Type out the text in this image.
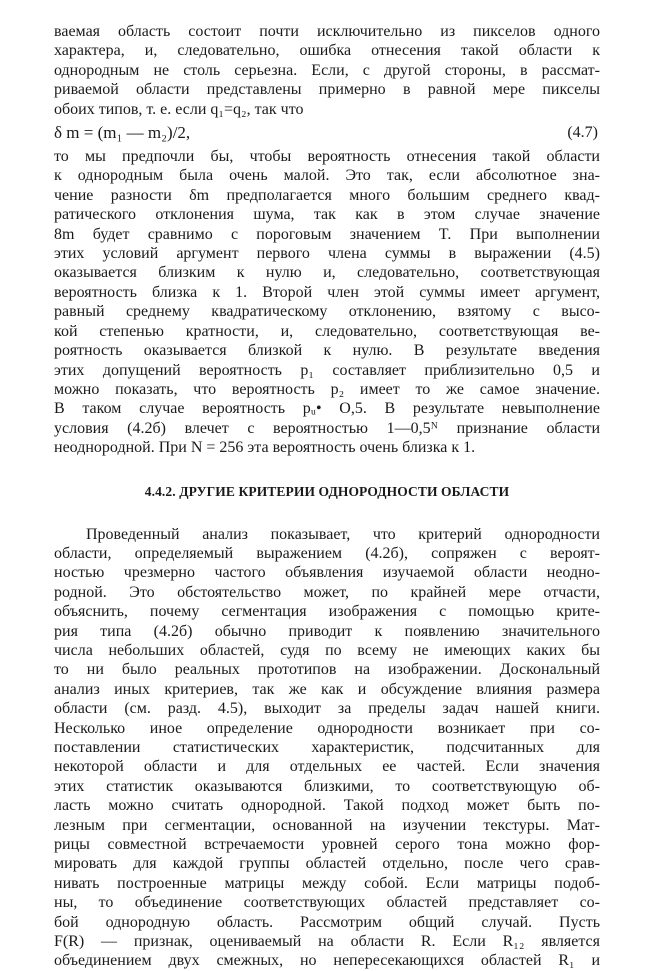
ваемая область состоит почти исключительно из пикселов одного
характера, и, следовательно, ошибка отнесения такой области к
однородным не столь серьезна. Если, с другой стороны, в рассмат-
риваемой области представлены примерно в равной мере пикселы
обоих типов, т. е. если q₁=q₂, так что
δ m = (m₁ — m₂)/2,	(4.7)
то мы предпочли бы, чтобы вероятность отнесения такой области
к однородным была очень малой. Это так, если абсолютное зна-
чение разности δm предполагается много большим среднего квад-
ратического отклонения шума, так как в этом случае значение
8m будет сравнимо с пороговым значением T. При выполнении
этих условий аргумент первого члена суммы в выражении (4.5)
оказывается близким к нулю и, следовательно, соответствующая
вероятность близка к 1. Второй член этой суммы имеет аргумент,
равный среднему квадратическому отклонению, взятому с высо-
кой степенью кратности, и, следовательно, соответствующая ве-
роятность оказывается близкой к нулю. В результате введения
этих допущений вероятность p₁ составляет приблизительно 0,5 и
можно показать, что вероятность p₂ имеет то же самое значение.
В таком случае вероятность pᵤ• O,5. В результате невыполнение
условия (4.2б) влечет с вероятностью 1—0,5ᴺ признание области
неоднородной. При N = 256 эта вероятность очень близка к 1.
4.4.2. ДРУГИЕ КРИТЕРИИ ОДНОРОДНОСТИ ОБЛАСТИ
Проведенный анализ показывает, что критерий однородности
области, определяемый выражением (4.2б), сопряжен с вероят-
ностью чрезмерно частого объявления изучаемой области неодно-
родной. Это обстоятельство может, по крайней мере отчасти,
объяснить, почему сегментация изображения с помощью крите-
рия типа (4.2б) обычно приводит к появлению значительного
числа небольших областей, судя по всему не имеющих каких бы
то ни было реальных прототипов на изображении. Доскональный
анализ иных критериев, так же как и обсуждение влияния размера
области (см. разд. 4.5), выходит за пределы задач нашей книги.
Несколько иное определение однородности возникает при со-
поставлении статистических характеристик, подсчитанных для
некоторой области и для отдельных ее частей. Если значения
этих статистик оказываются близкими, то соответствующую об-
ласть можно считать однородной. Такой подход может быть по-
лезным при сегментации, основанной на изучении текстуры. Мат-
рицы совместной встречаемости уровней серого тона можно фор-
мировать для каждой группы областей отдельно, после чего срав-
нивать построенные матрицы между собой. Если матрицы подоб-
ны, то объединение соответствующих областей представляет со-
бой однородную область. Рассмотрим общий случай. Пусть
F(R) — признак, оцениваемый на области R. Если R₁₂ является
объединением двух смежных, но непересекающихся областей R₁ и
